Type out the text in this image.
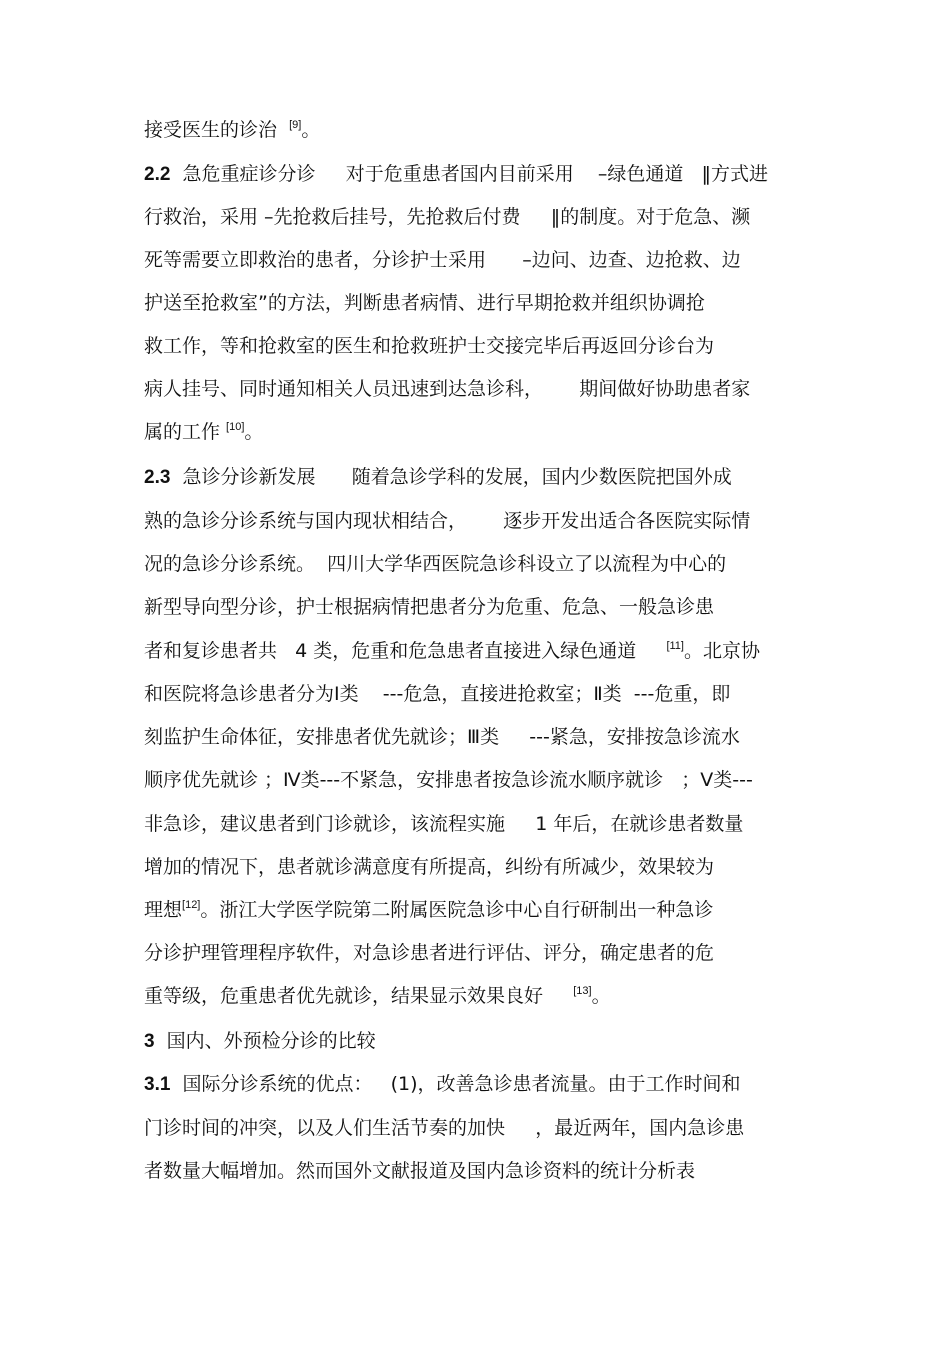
接受医生的诊治  [9]。

2.2  急危重症诊分诊     对于危重患者国内目前采用    –绿色通道   ‖方式进

行救治，采用 –先抢救后挂号，先抢救后付费     ‖的制度。对于危急、濒

死等需要立即救治的患者，分诊护士采用      –边问、边查、边抢救、边

护送至抢救室”的方法，判断患者病情、进行早期抢救并组织协调抢

救工作，等和抢救室的医生和抢救班护士交接完毕后再返回分诊台为

病人挂号、同时通知相关人员迅速到达急诊科，      期间做好协助患者家

属的工作 [10]。

2.3  急诊分诊新发展      随着急诊学科的发展，国内少数医院把国外成

熟的急诊分诊系统与国内现状相结合，      逐步开发出适合各医院实际情

况的急诊分诊系统。  四川大学华西医院急诊科设立了以流程为中心的

新型导向型分诊，护士根据病情把患者分为危重、危急、一般急诊患

者和复诊患者共   4 类，危重和危急患者直接进入绿色通道     [11]。北京协

和医院将急诊患者分为Ⅰ类    ---危急，直接进抢救室；Ⅱ类  ---危重，即

刻监护生命体征，安排患者优先就诊；Ⅲ类     ---紧急，安排按急诊流水

顺序优先就诊 ；Ⅳ类---不紧急，安排患者按急诊流水顺序就诊   ；Ⅴ类---

非急诊，建议患者到门诊就诊，该流程实施     1 年后，在就诊患者数量

增加的情况下，患者就诊满意度有所提高，纠纷有所减少，效果较为

理想[12]。浙江大学医学院第二附属医院急诊中心自行研制出一种急诊

分诊护理管理程序软件，对急诊患者进行评估、评分，确定患者的危

重等级，危重患者优先就诊，结果显示效果良好     [13]。

3  国内、外预检分诊的比较

3.1  国际分诊系统的优点：   (1)，改善急诊患者流量。由于工作时间和

门诊时间的冲突，以及人们生活节奏的加快     ，最近两年，国内急诊患

者数量大幅增加。然而国外文献报道及国内急诊资料的统计分析表
